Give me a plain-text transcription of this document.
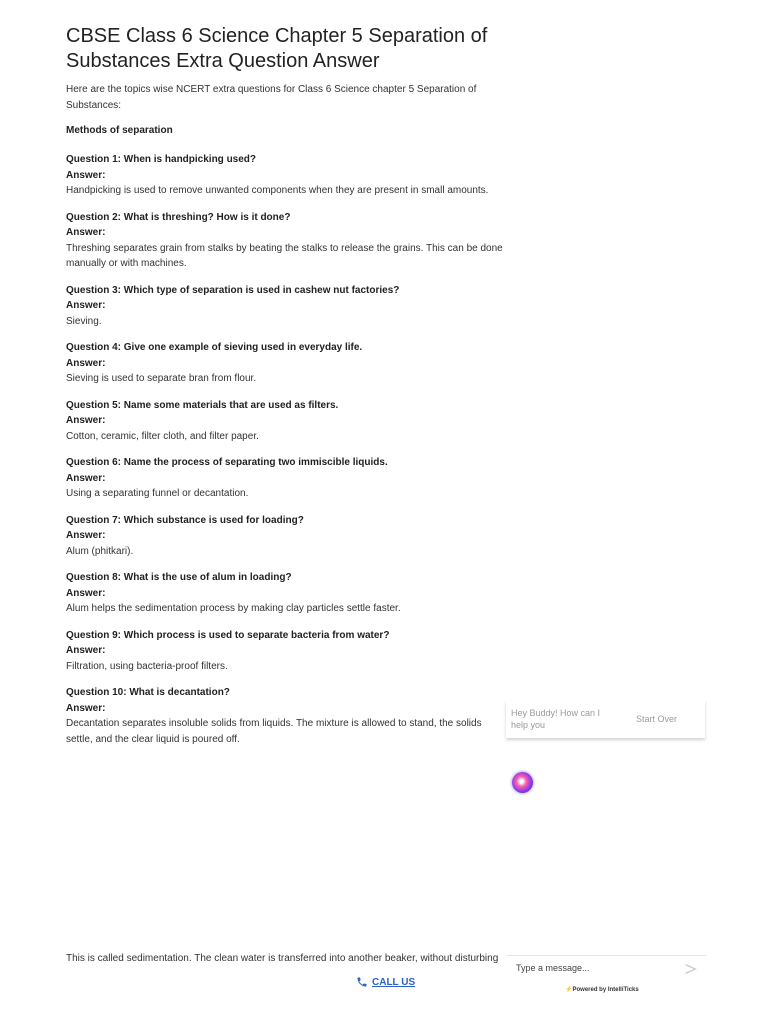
CBSE Class 6 Science Chapter 5 Separation of Substances Extra Question Answer

Here are the topics wise NCERT extra questions for Class 6 Science chapter 5 Separation of Substances:

Methods of separation
Question 1: When is handpicking used?
Answer:
Handpicking is used to remove unwanted components when they are present in small amounts.
Question 2: What is threshing? How is it done?
Answer:
Threshing separates grain from stalks by beating the stalks to release the grains. This can be done manually or with machines.
Question 3: Which type of separation is used in cashew nut factories?
Answer:
Sieving.
Question 4: Give one example of sieving used in everyday life.
Answer:
Sieving is used to separate bran from flour.
Question 5: Name some materials that are used as filters.
Answer:
Cotton, ceramic, filter cloth, and filter paper.
Question 6: Name the process of separating two immiscible liquids.
Answer:
Using a separating funnel or decantation.
Question 7: Which substance is used for loading?
Answer:
Alum (phitkari).
Question 8: What is the use of alum in loading?
Answer:
Alum helps the sedimentation process by making clay particles settle faster.
Question 9: Which process is used to separate bacteria from water?
Answer:
Filtration, using bacteria-proof filters.
Question 10: What is decantation?
Answer:
Decantation separates insoluble solids from liquids. The mixture is allowed to stand, the solids settle, and the clear liquid is poured off.
This is called sedimentation. The clean water is transferred into another beaker, without disturbing
CALL US
Hey Buddy! How can I help you
Start Over
Type a message...
⚡Powered by IntelliTicks
